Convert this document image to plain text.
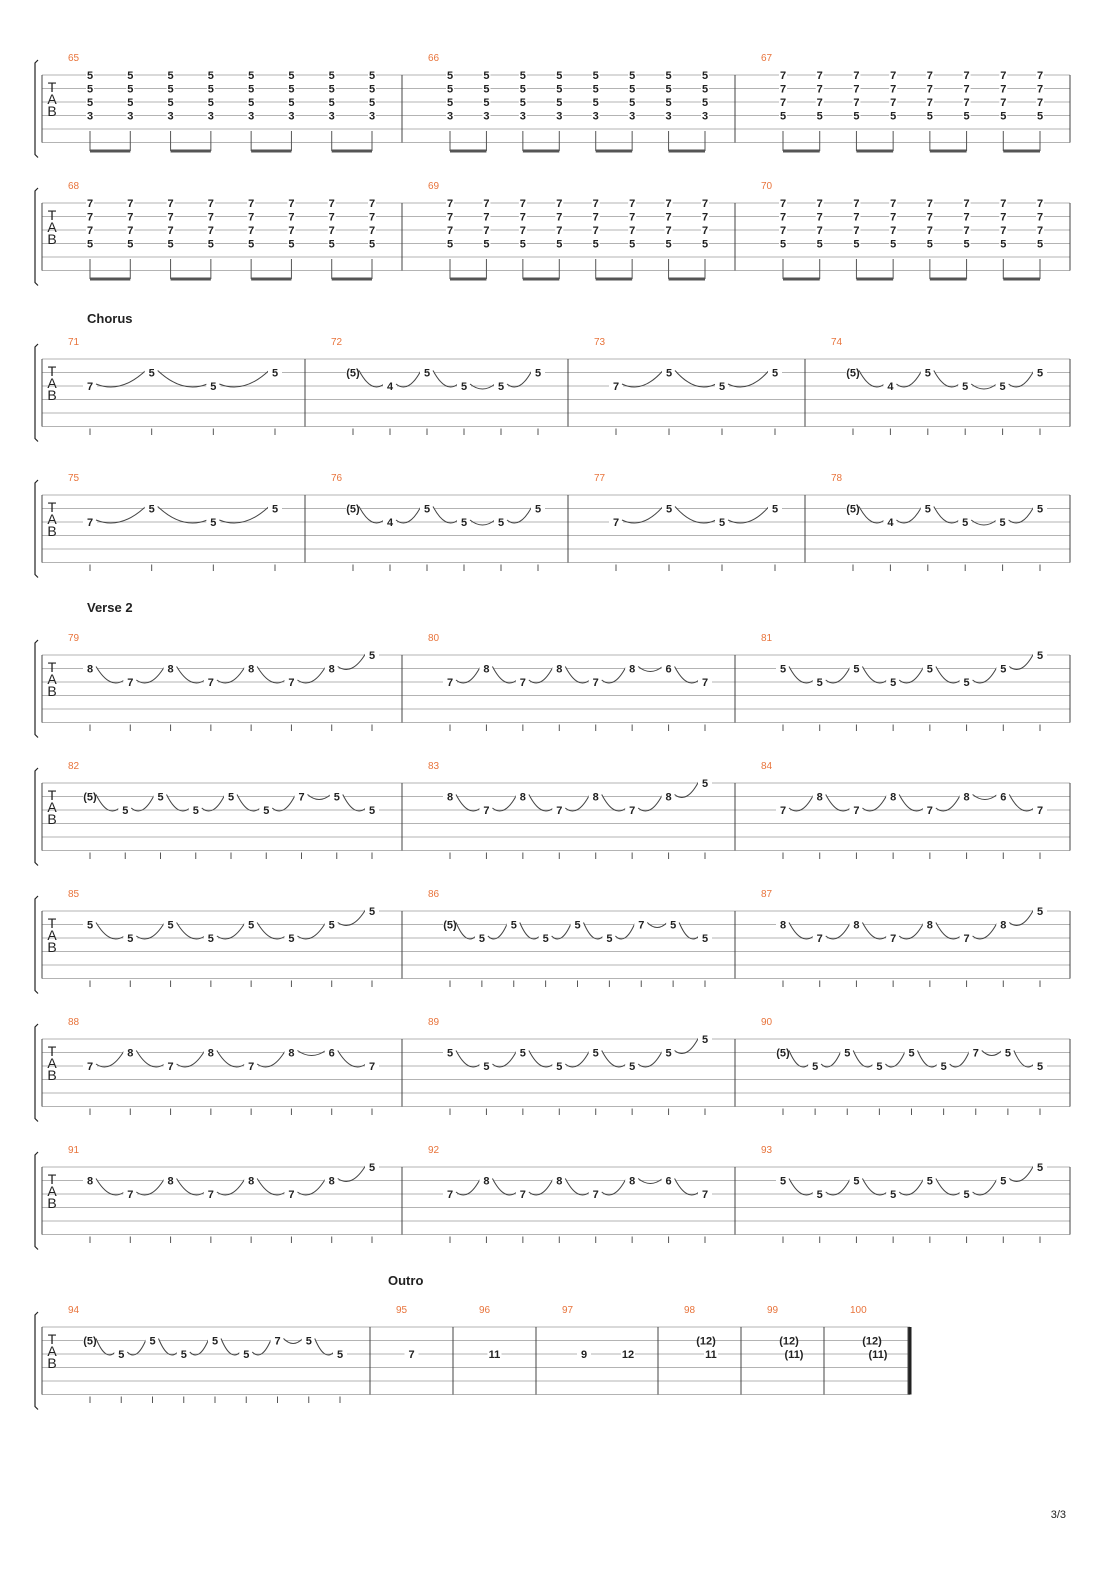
T
A
B
65
5
5
5
3
5
5
5
3
5
5
5
3
5
5
5
3
5
5
5
3
5
5
5
3
5
5
5
3
5
5
5
3
66
5
5
5
3
5
5
5
3
5
5
5
3
5
5
5
3
5
5
5
3
5
5
5
3
5
5
5
3
5
5
5
3
67
7
7
7
5
7
7
7
5
7
7
7
5
7
7
7
5
7
7
7
5
7
7
7
5
7
7
7
5
7
7
7
5
T
A
B
68
7
7
7
5
7
7
7
5
7
7
7
5
7
7
7
5
7
7
7
5
7
7
7
5
7
7
7
5
7
7
7
5
69
7
7
7
5
7
7
7
5
7
7
7
5
7
7
7
5
7
7
7
5
7
7
7
5
7
7
7
5
7
7
7
5
70
7
7
7
5
7
7
7
5
7
7
7
5
7
7
7
5
7
7
7
5
7
7
7
5
7
7
7
5
7
7
7
5
T
A
B
71
7
5
5
5
72
(5)
4
5
5	5
5
73
7
5
5
5
74
(5)
4
5
5	5
5
T
A
B
75
7
5
5
5
76
(5)
4
5
5	5
5
77
7
5
5
5
78
(5)
4
5
5	5
5
T
A
B
79
8
7
8
7
8
7
8
5
80
7
8
7
8
7
8	6
7
81
5
5
5
5
5
5
5
5
T
A
B
82
(5)
5
5
5
5
5
7	5
5
83
8
7
8
7
8
7
8
5
84
7
8
7
8
7
8	6
7
T
A
B
85
5
5
5
5
5
5
5
5
86
(5)
5
5
5
5
5
7 5
5
87
8
7
8
7
8
7
8
5
T
A
B
88
7
8
7
8
7
8	6
7
89
5
5
5
5
5
5
5
5
90
(5)
5
5
5
5
5
7 5
5
T
A
B
91
8
7
8
7
8
7
8
5
92
7
8
7
8
7
8	6
7
93
5
5
5
5
5
5
5
5
T
A
B
94
(5)
5
5
5
5
5
7 5
5
95
7
96
11
97
9	12
98
(12)
11
99
(12)
(11)
100
(12)
(11)
Chorus
Verse 2
Outro
3/3
